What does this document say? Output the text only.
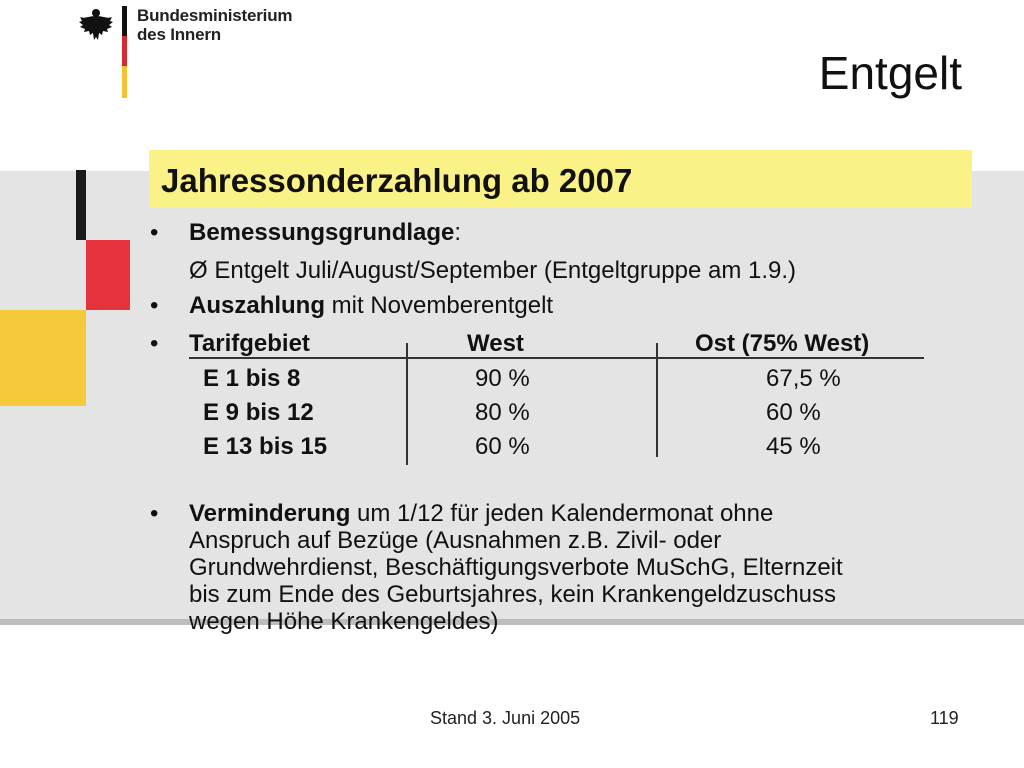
Bundesministerium
des Innern
Entgelt
Jahressonderzahlung ab 2007
• Bemessungsgrundlage:
Ø Entgelt Juli/August/September (Entgeltgruppe am 1.9.)
• Auszahlung mit Novemberentgelt
• Tarifgebiet	West	Ost (75% West)
E 1 bis 8	90 %	67,5 %
E 9 bis 12	80 %	60 %
E 13 bis 15	60 %	45 %
• Verminderung um 1/12 für jeden Kalendermonat ohne
Anspruch auf Bezüge (Ausnahmen z.B. Zivil- oder
Grundwehrdienst, Beschäftigungsverbote MuSchG, Elternzeit
bis zum Ende des Geburtsjahres, kein Krankengeldzuschuss
wegen Höhe Krankengeldes)
Stand 3. Juni 2005	119
